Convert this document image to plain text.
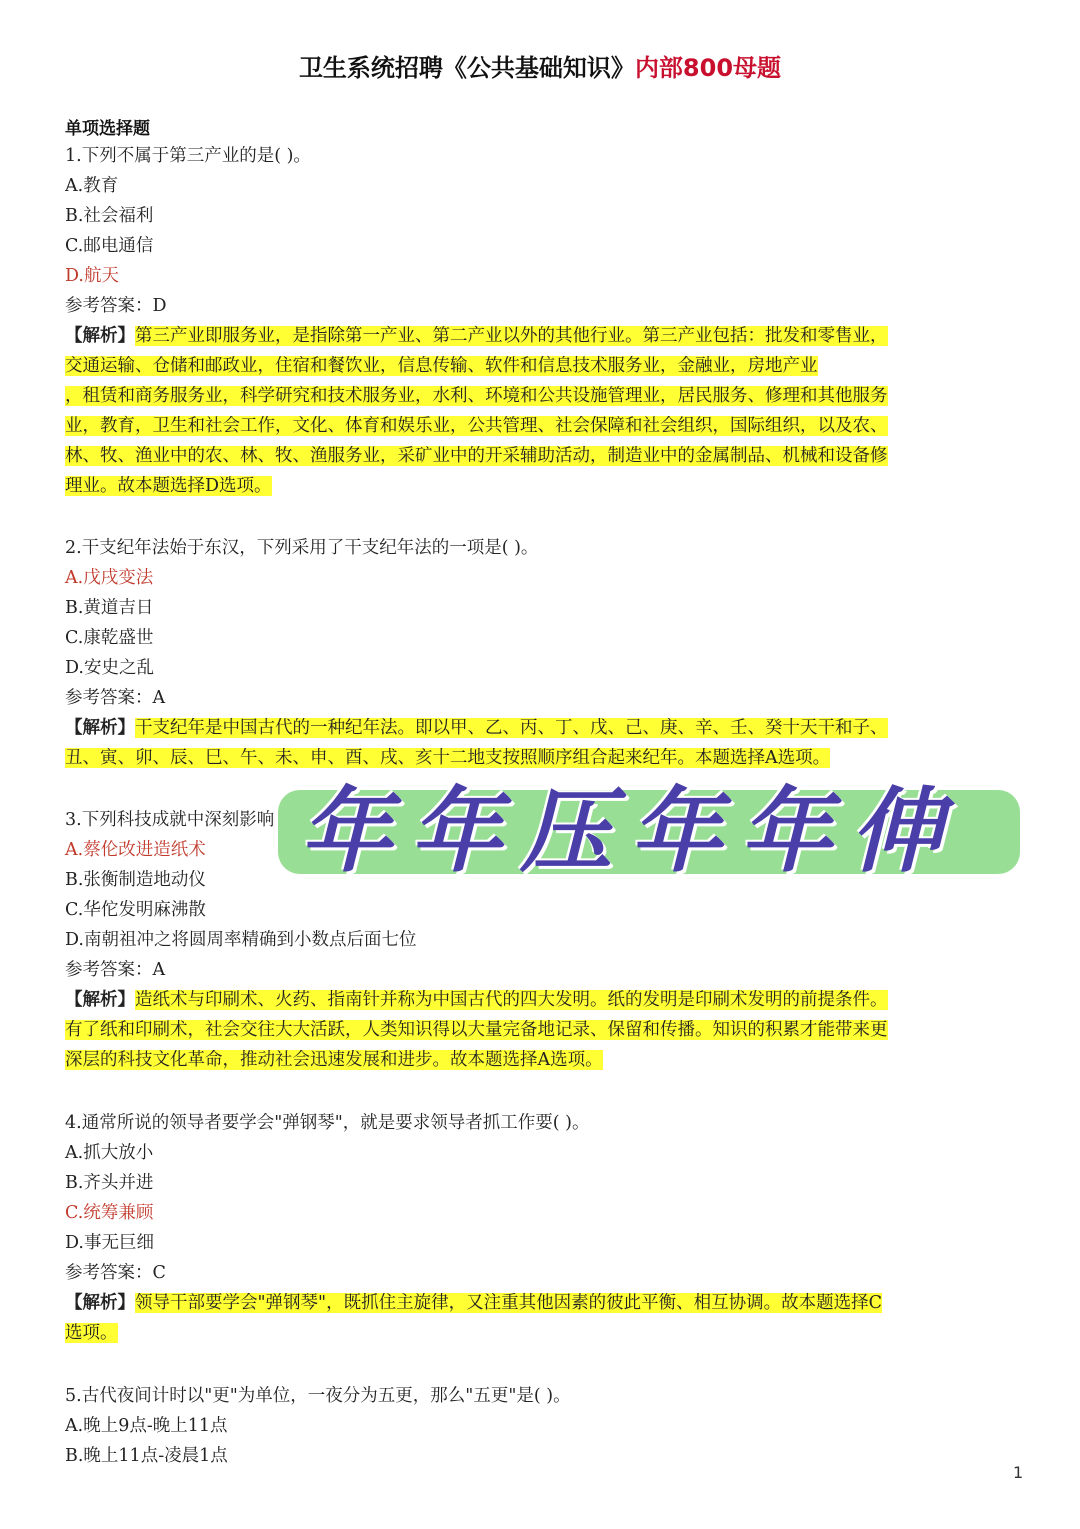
卫生系统招聘《公共基础知识》内部800母题
单项选择题
1.下列不属于第三产业的是( )。
A.教育
B.社会福利
C.邮电通信
D.航天
参考答案：D
【解析】第三产业即服务业，是指除第一产业、第二产业以外的其他行业。第三产业包括：批发和零售业，
交通运输、仓储和邮政业，住宿和餐饮业，信息传输、软件和信息技术服务业，金融业，房地产业
，租赁和商务服务业，科学研究和技术服务业，水利、环境和公共设施管理业，居民服务、修理和其他服务
业，教育，卫生和社会工作，文化、体育和娱乐业，公共管理、社会保障和社会组织，国际组织，以及农、
林、牧、渔业中的农、林、牧、渔服务业，采矿业中的开采辅助活动，制造业中的金属制品、机械和设备修
理业。故本题选择D选项。
2.干支纪年法始于东汉，下列采用了干支纪年法的一项是( )。
A.戊戌变法
B.黄道吉日
C.康乾盛世
D.安史之乱
参考答案：A
【解析】干支纪年是中国古代的一种纪年法。即以甲、乙、丙、丁、戊、己、庚、辛、壬、癸十天干和子、
丑、寅、卯、辰、巳、午、未、申、酉、戌、亥十二地支按照顺序组合起来纪年。本题选择A选项。
3.下列科技成就中深刻影响
A.蔡伦改进造纸术
B.张衡制造地动仪
C.华佗发明麻沸散
D.南朝祖冲之将圆周率精确到小数点后面七位
参考答案：A
【解析】造纸术与印刷术、火药、指南针并称为中国古代的四大发明。纸的发明是印刷术发明的前提条件。
有了纸和印刷术，社会交往大大活跃，人类知识得以大量完备地记录、保留和传播。知识的积累才能带来更
深层的科技文化革命，推动社会迅速发展和进步。故本题选择A选项。
4.通常所说的领导者要学会"弹钢琴"，就是要求领导者抓工作要( )。
A.抓大放小
B.齐头并进
C.统筹兼顾
D.事无巨细
参考答案：C
【解析】领导干部要学会"弹钢琴"，既抓住主旋律，又注重其他因素的彼此平衡、相互协调。故本题选择C
选项。
5.古代夜间计时以"更"为单位，一夜分为五更，那么"五更"是( )。
A.晚上9点-晚上11点
B.晚上11点-凌晨1点
年年压年年伸
1
